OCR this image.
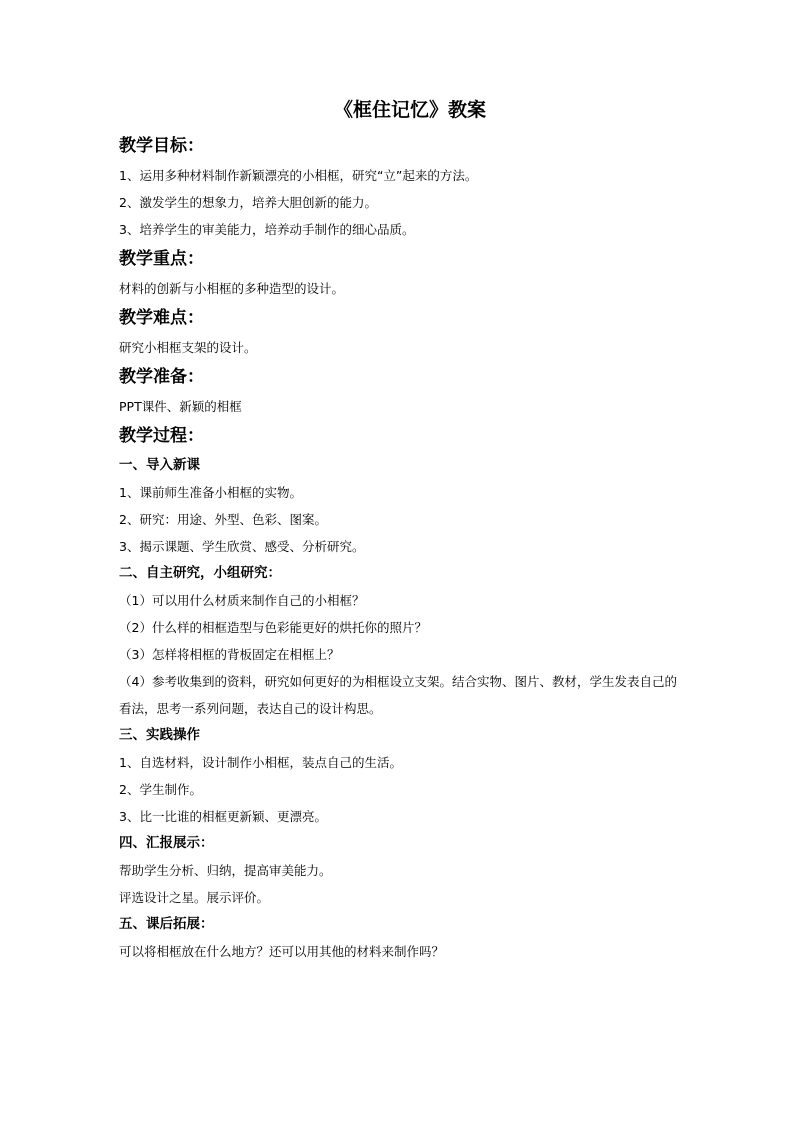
《框住记忆》教案
教学目标：
1、运用多种材料制作新颖漂亮的小相框，研究“立”起来的方法。
2、激发学生的想象力，培养大胆创新的能力。
3、培养学生的审美能力，培养动手制作的细心品质。
教学重点：
材料的创新与小相框的多种造型的设计。
教学难点：
研究小相框支架的设计。
教学准备：
PPT课件、新颖的相框
教学过程：
一、导入新课
1、课前师生准备小相框的实物。
2、研究：用途、外型、色彩、图案。
3、揭示课题、学生欣赏、感受、分析研究。
二、自主研究，小组研究：
（1）可以用什么材质来制作自己的小相框？
（2）什么样的相框造型与色彩能更好的烘托你的照片？
（3）怎样将相框的背板固定在相框上？
（4）参考收集到的资料，研究如何更好的为相框设立支架。结合实物、图片、教材，学生发表自己的看法，思考一系列问题，表达自己的设计构思。
三、实践操作
1、自选材料，设计制作小相框，装点自己的生活。
2、学生制作。
3、比一比谁的相框更新颖、更漂亮。
四、汇报展示：
帮助学生分析、归纳，提高审美能力。
评选设计之星。展示评价。
五、课后拓展：
可以将相框放在什么地方？还可以用其他的材料来制作吗？
